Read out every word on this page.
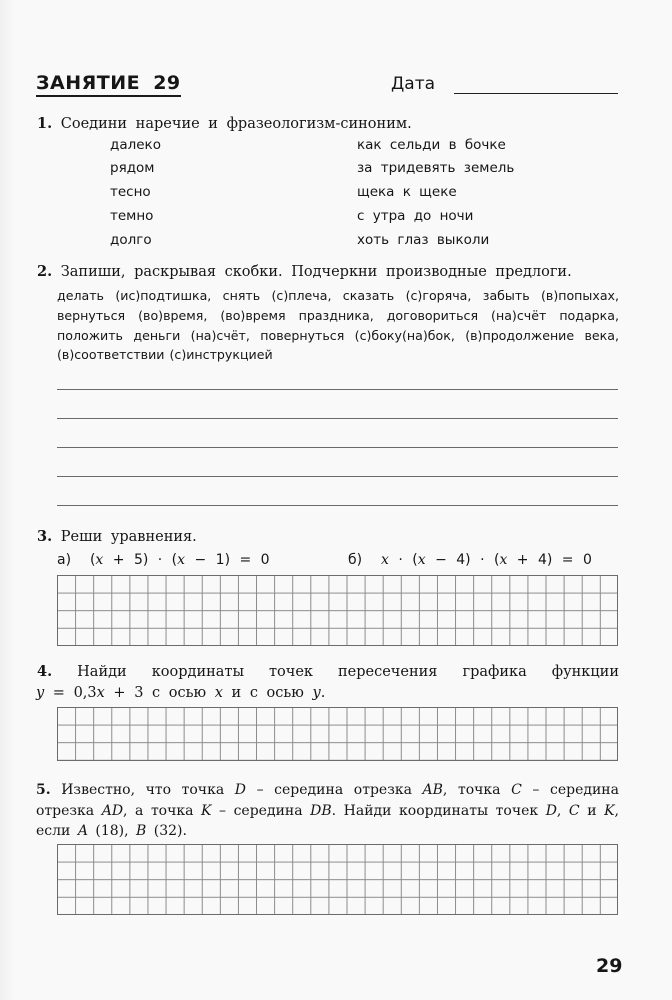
ЗАНЯТИЕ 29	Дата
1. Соедини наречие и фразеологизм-синоним.
далеко
рядом
тесно
темно
долго
как сельди в бочке
за тридевять земель
щека к щеке
с утра до ночи
хоть глаз выколи
2. Запиши, раскрывая скобки. Подчеркни производные предлоги.
делать (ис)подтишка, снять (с)плеча, сказать (с)горяча, забыть (в)попыхах, вернуться (во)время, (во)время праздника, договориться (на)счёт подарка, положить деньги (на)счёт, повернуться (с)боку(на)бок, (в)продолжение века, (в)соответствии (с)инструкцией
3. Реши уравнения.
а) (x + 5) · (x − 1) = 0	б) x · (x − 4) · (x + 4) = 0
4. Найди координаты точек пересечения графика функции
y = 0,3x + 3 с осью x и с осью y.
5. Известно, что точка D – середина отрезка AB, точка C – середина отрезка AD, а точка K – середина DB. Найди координаты точек D, C и K, если A (18), B (32).
29
